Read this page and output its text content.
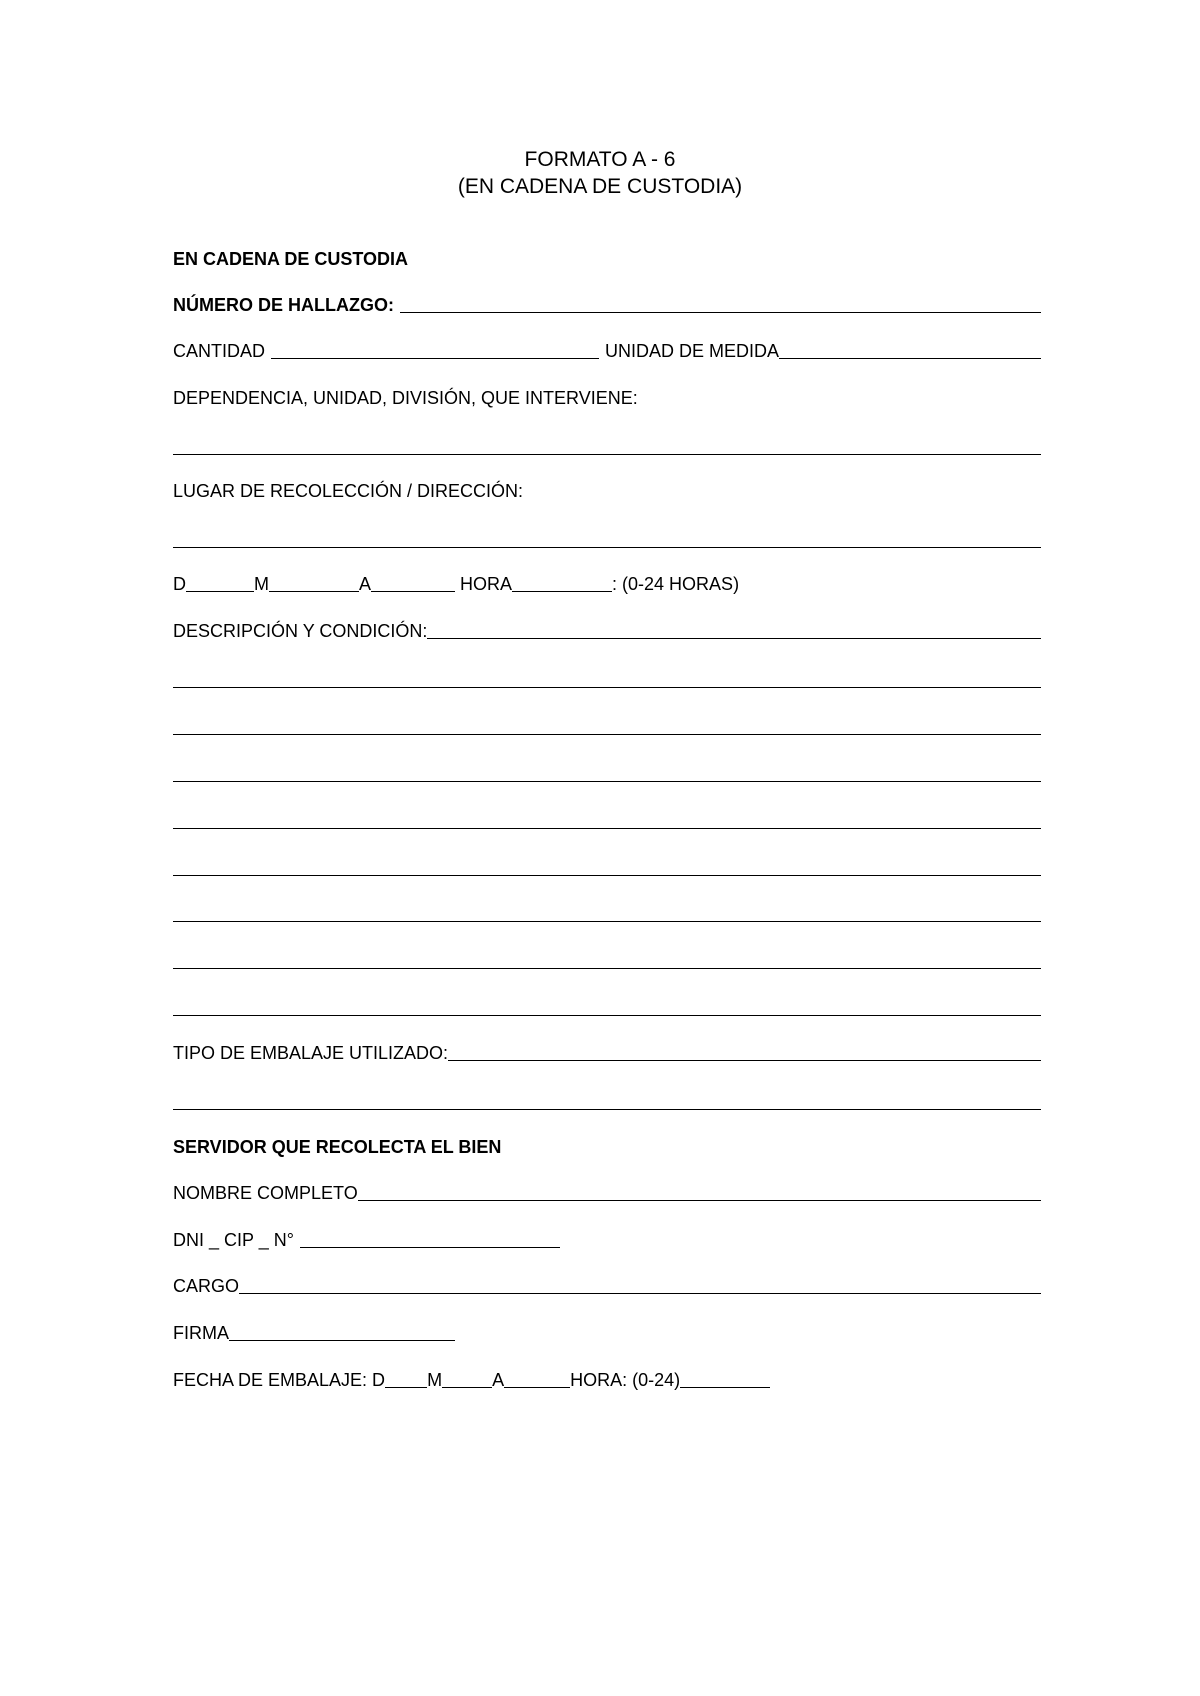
FORMATO A - 6

(EN CADENA DE CUSTODIA)

EN CADENA DE CUSTODIA
NÚMERO DE HALLAZGO:
CANTIDAD	UNIDAD DE MEDIDA
DEPENDENCIA, UNIDAD, DIVISIÓN, QUE INTERVIENE:
LUGAR DE RECOLECCIÓN / DIRECCIÓN:
D	M	A	HORA	: (0-24 HORAS)
DESCRIPCIÓN Y CONDICIÓN:
TIPO DE EMBALAJE UTILIZADO:
SERVIDOR QUE RECOLECTA EL BIEN
NOMBRE COMPLETO
DNI _ CIP _ N°
CARGO
FIRMA
FECHA DE EMBALAJE: D M	A	HORA: (0-24)
